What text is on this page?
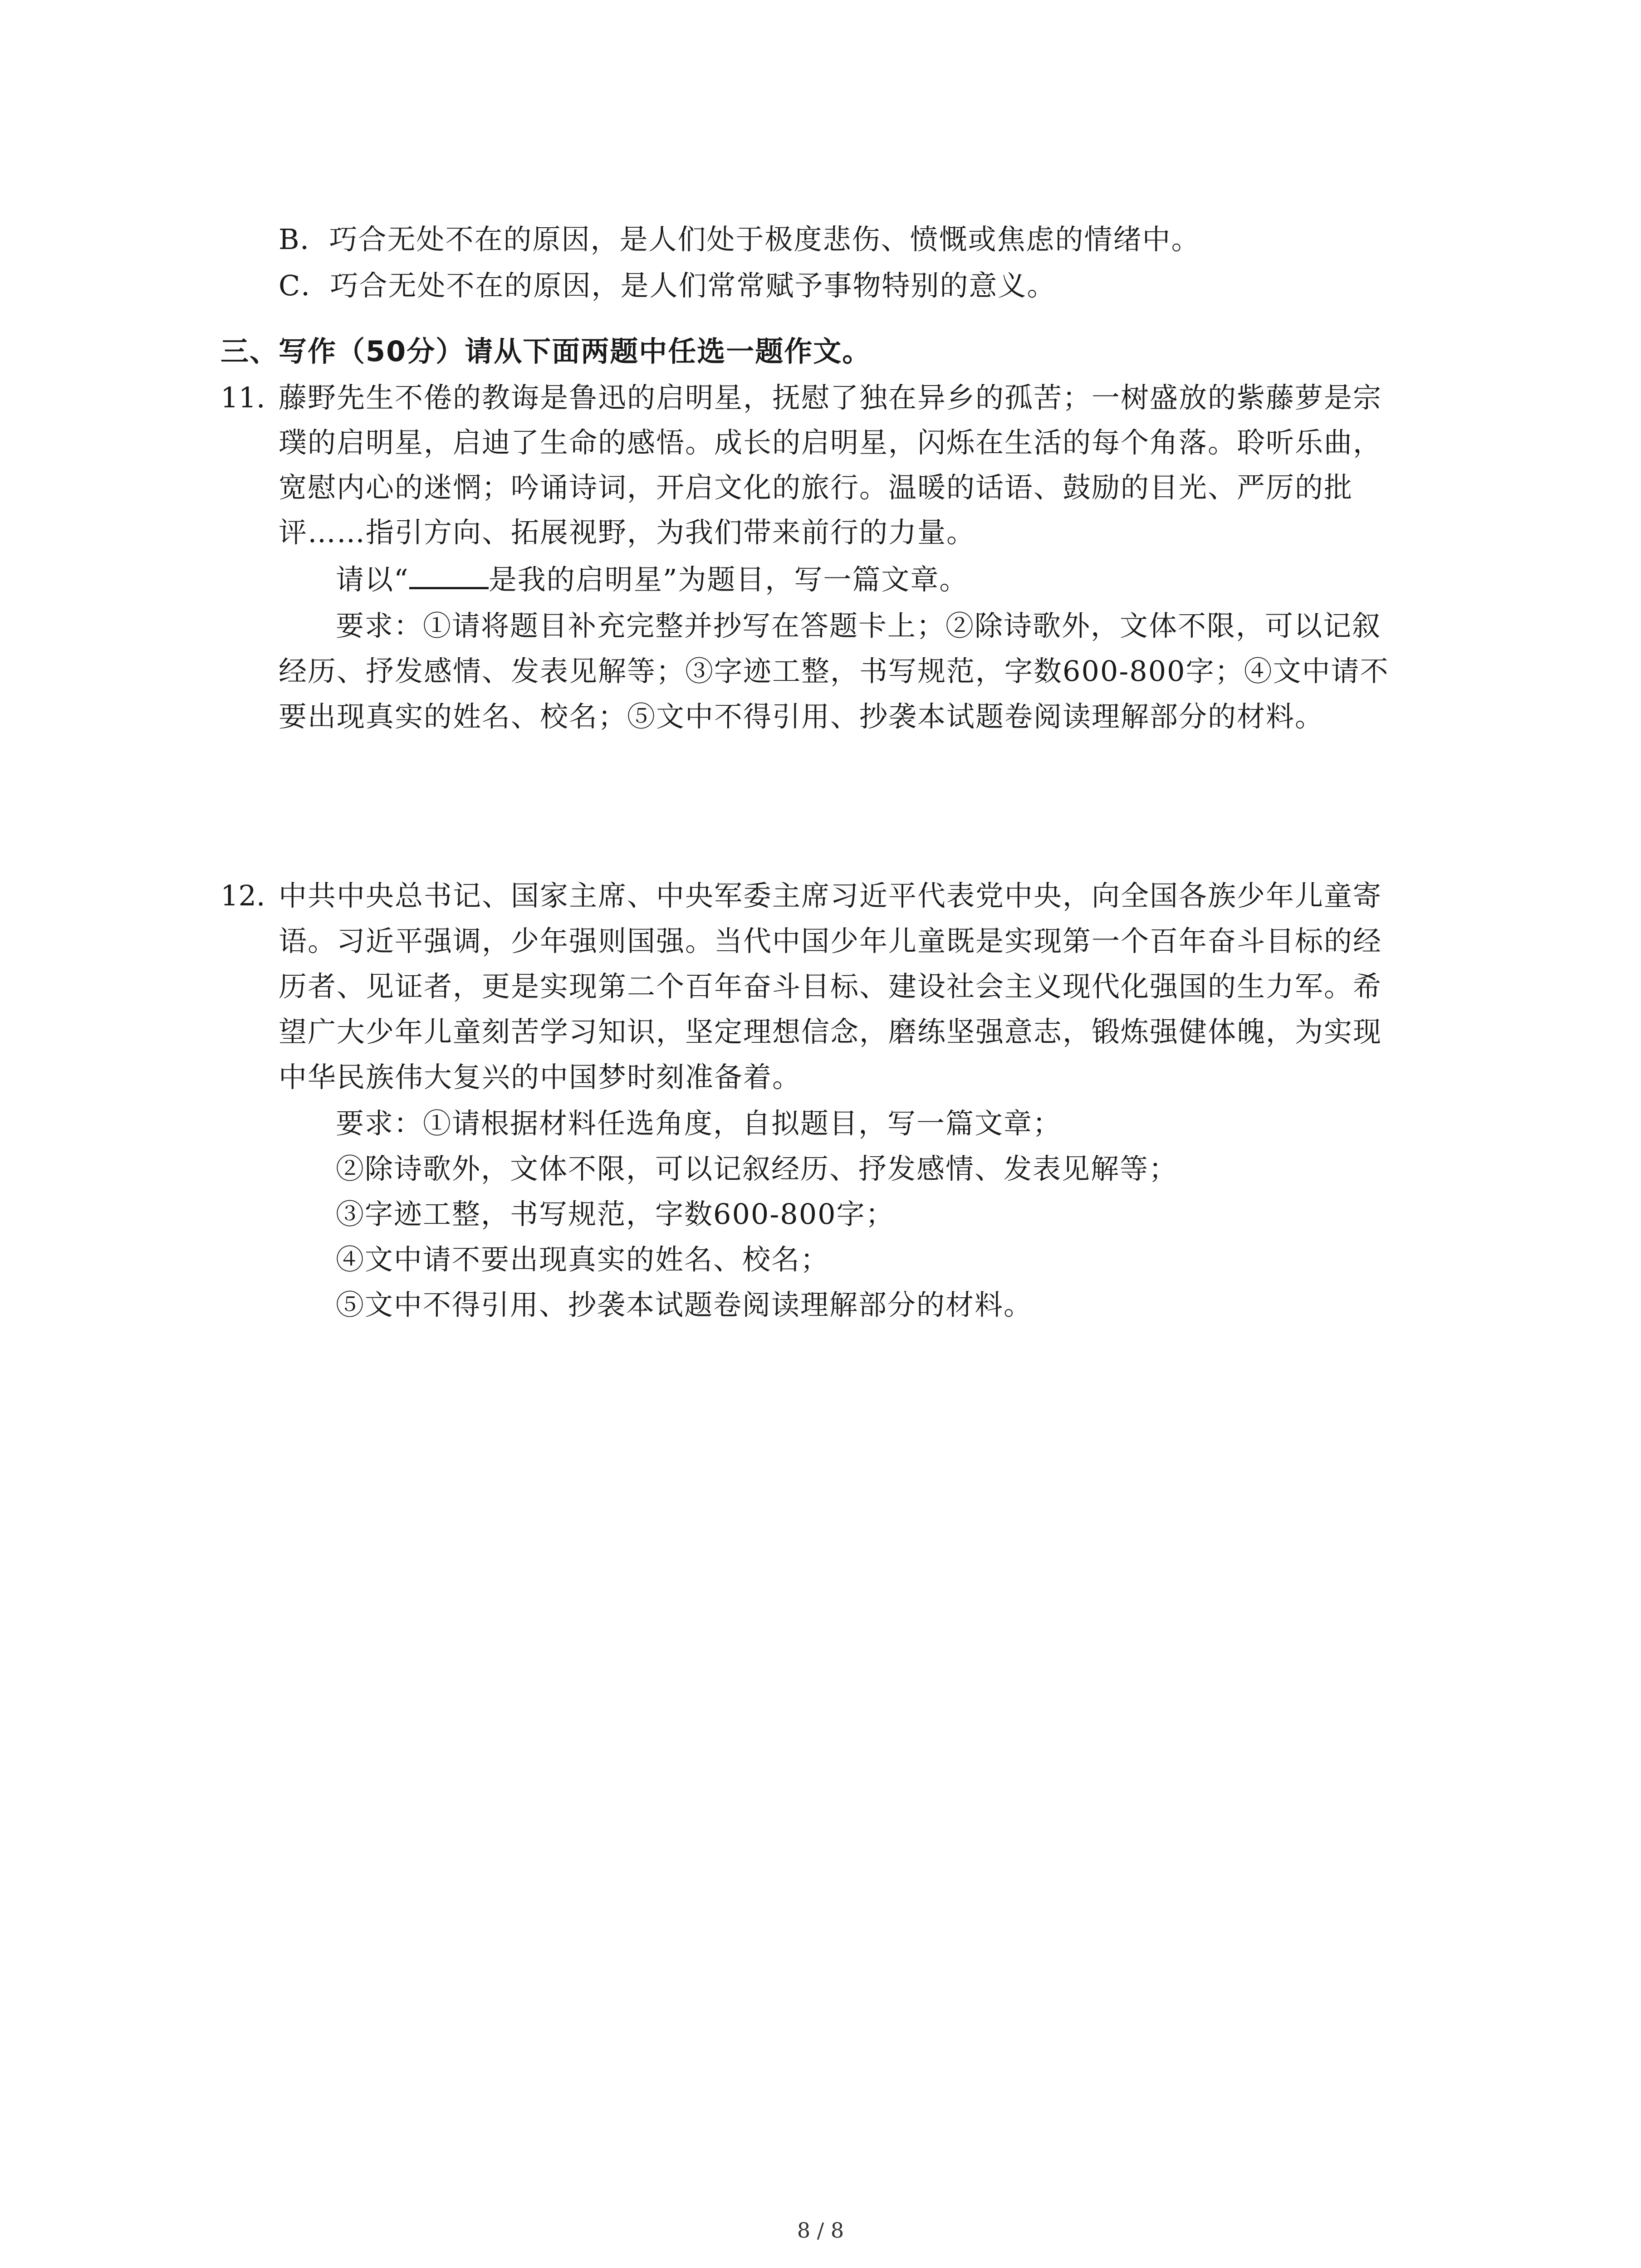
B．巧合无处不在的原因，是人们处于极度悲伤、愤慨或焦虑的情绪中。
C．巧合无处不在的原因，是人们常常赋予事物特别的意义。
三、写作（50分）请从下面两题中任选一题作文。
11. 藤野先生不倦的教诲是鲁迅的启明星，抚慰了独在异乡的孤苦；一树盛放的紫藤萝是宗
璞的启明星，启迪了生命的感悟。成长的启明星，闪烁在生活的每个角落。聆听乐曲，
宽慰内心的迷惘；吟诵诗词，开启文化的旅行。温暖的话语、鼓励的目光、严厉的批
评……指引方向、拓展视野，为我们带来前行的力量。
请以“	是我的启明星”为题目，写一篇文章。
要求：①请将题目补充完整并抄写在答题卡上；②除诗歌外，文体不限，可以记叙
经历、抒发感情、发表见解等；③字迹工整，书写规范，字数600-800字；④文中请不
要出现真实的姓名、校名；⑤文中不得引用、抄袭本试题卷阅读理解部分的材料。
12. 中共中央总书记、国家主席、中央军委主席习近平代表党中央，向全国各族少年儿童寄
语。习近平强调，少年强则国强。当代中国少年儿童既是实现第一个百年奋斗目标的经
历者、见证者，更是实现第二个百年奋斗目标、建设社会主义现代化强国的生力军。希
望广大少年儿童刻苦学习知识，坚定理想信念，磨练坚强意志，锻炼强健体魄，为实现
中华民族伟大复兴的中国梦时刻准备着。
要求：①请根据材料任选角度，自拟题目，写一篇文章；
②除诗歌外，文体不限，可以记叙经历、抒发感情、发表见解等；
③字迹工整，书写规范，字数600-800字；
④文中请不要出现真实的姓名、校名；
⑤文中不得引用、抄袭本试题卷阅读理解部分的材料。
8 / 8
